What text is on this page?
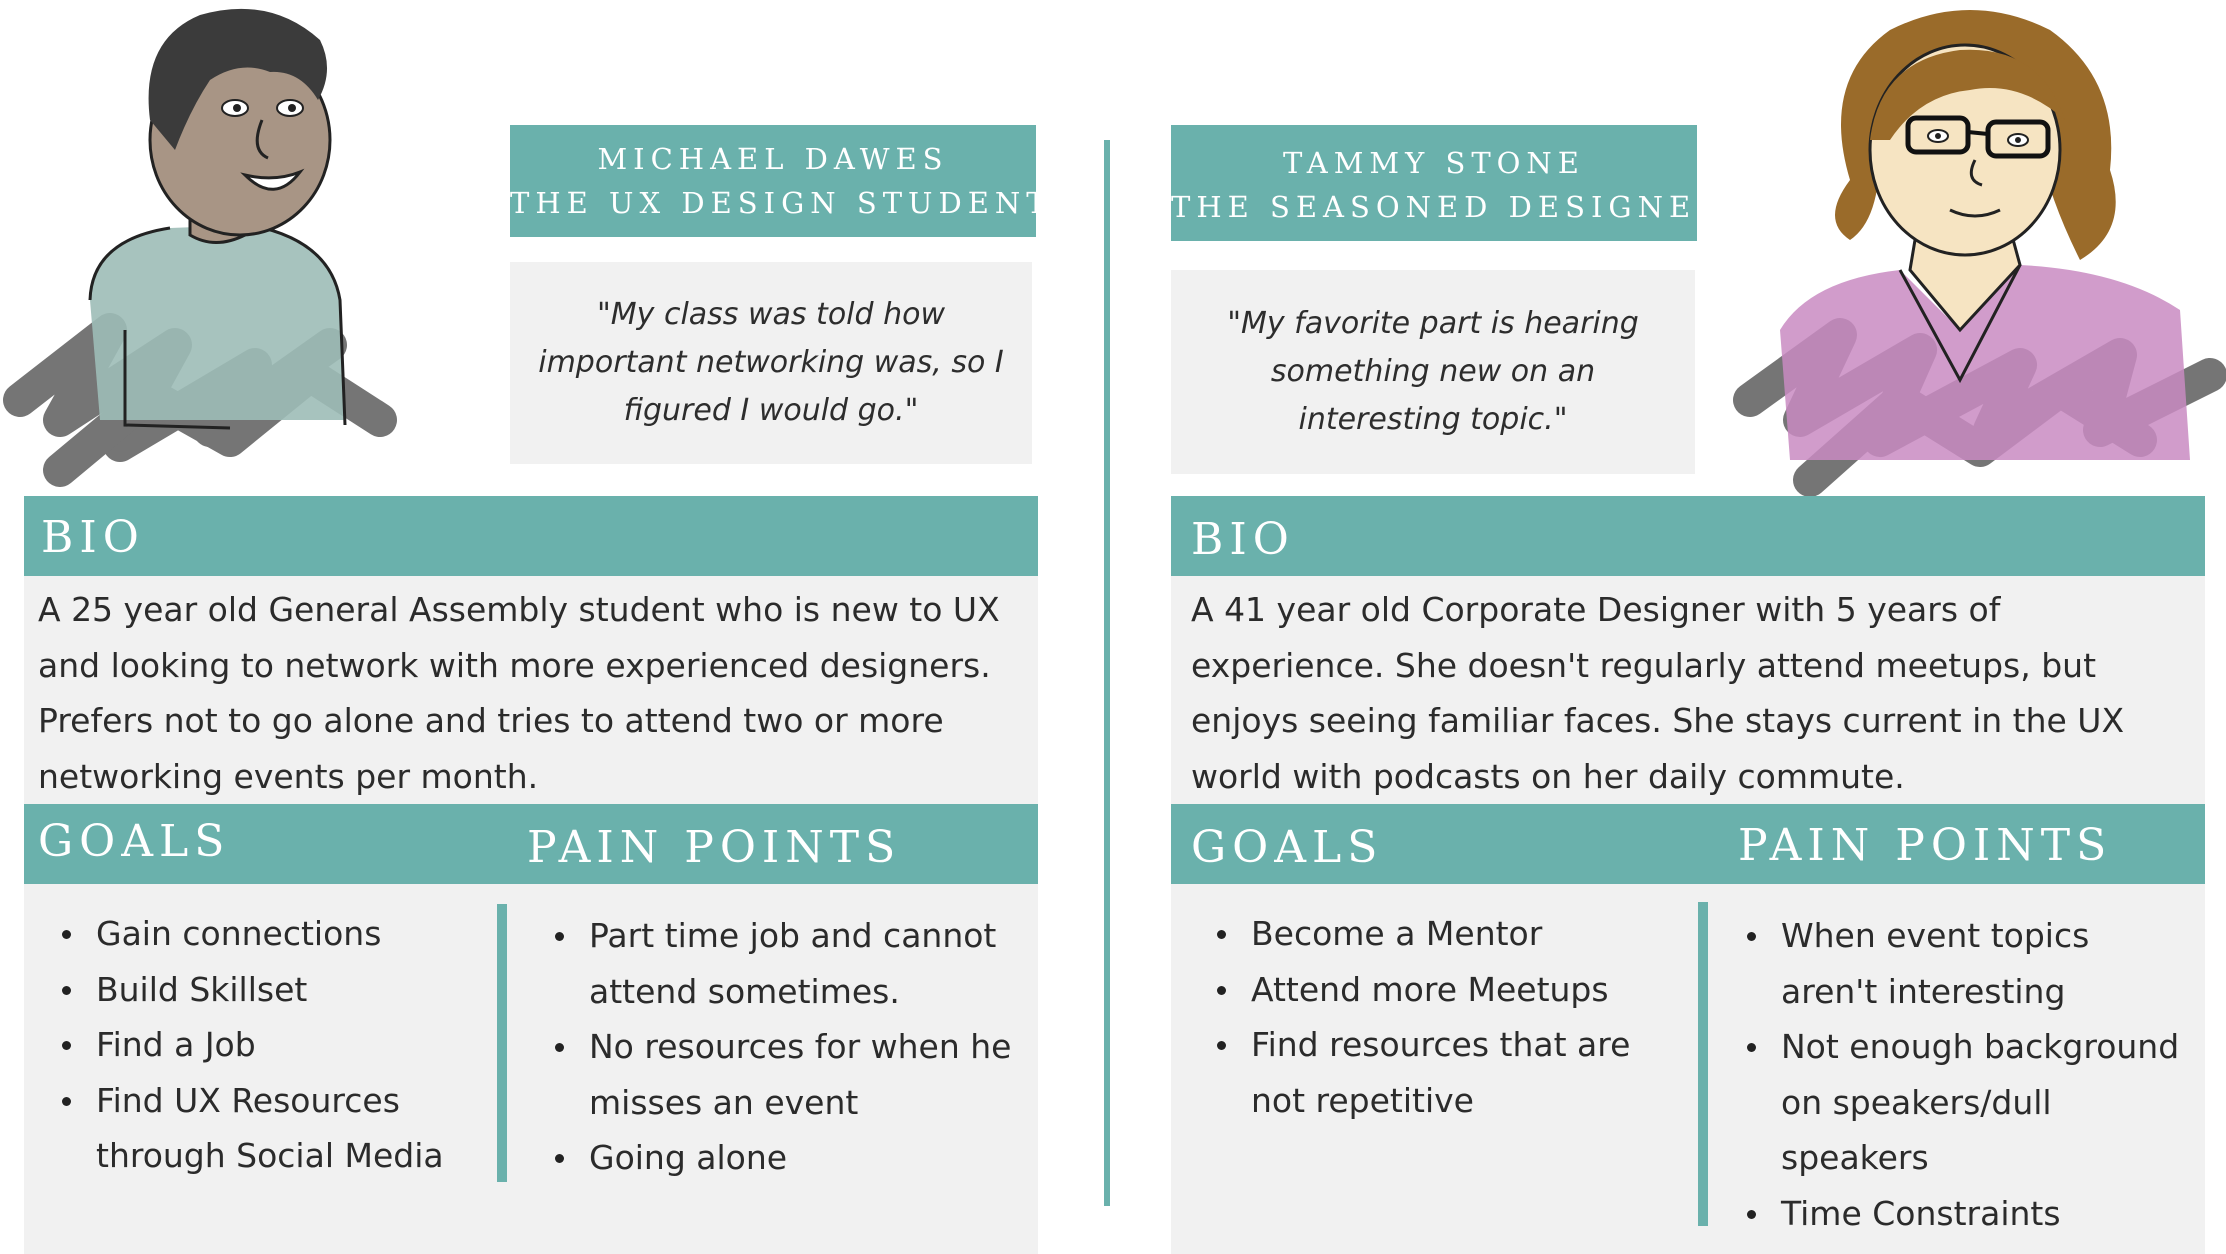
MICHAEL DAWES
THE UX DESIGN STUDENT
"My class was told how important networking was, so I figured I would go."
BIO
A 25 year old General Assembly student who is new to UX and looking to network with more experienced designers. Prefers not to go alone and tries to attend two or more networking events per month.
GOALS	PAIN POINTS
Gain connections
Build Skillset
Find a Job
Find UX Resources through Social Media
Part time job and cannot attend sometimes.
No resources for when he misses an event
Going alone
TAMMY STONE
THE SEASONED DESIGNER
"My favorite part is hearing something new on an interesting topic."
BIO
A 41 year old Corporate Designer with 5 years of experience. She doesn't regularly attend meetups, but enjoys seeing familiar faces. She stays current in the UX world with podcasts on her daily commute.
GOALS	PAIN POINTS
Become a Mentor
Attend more Meetups
Find resources that are not repetitive
When event topics aren't interesting
Not enough background on speakers/dull speakers
Time Constraints
